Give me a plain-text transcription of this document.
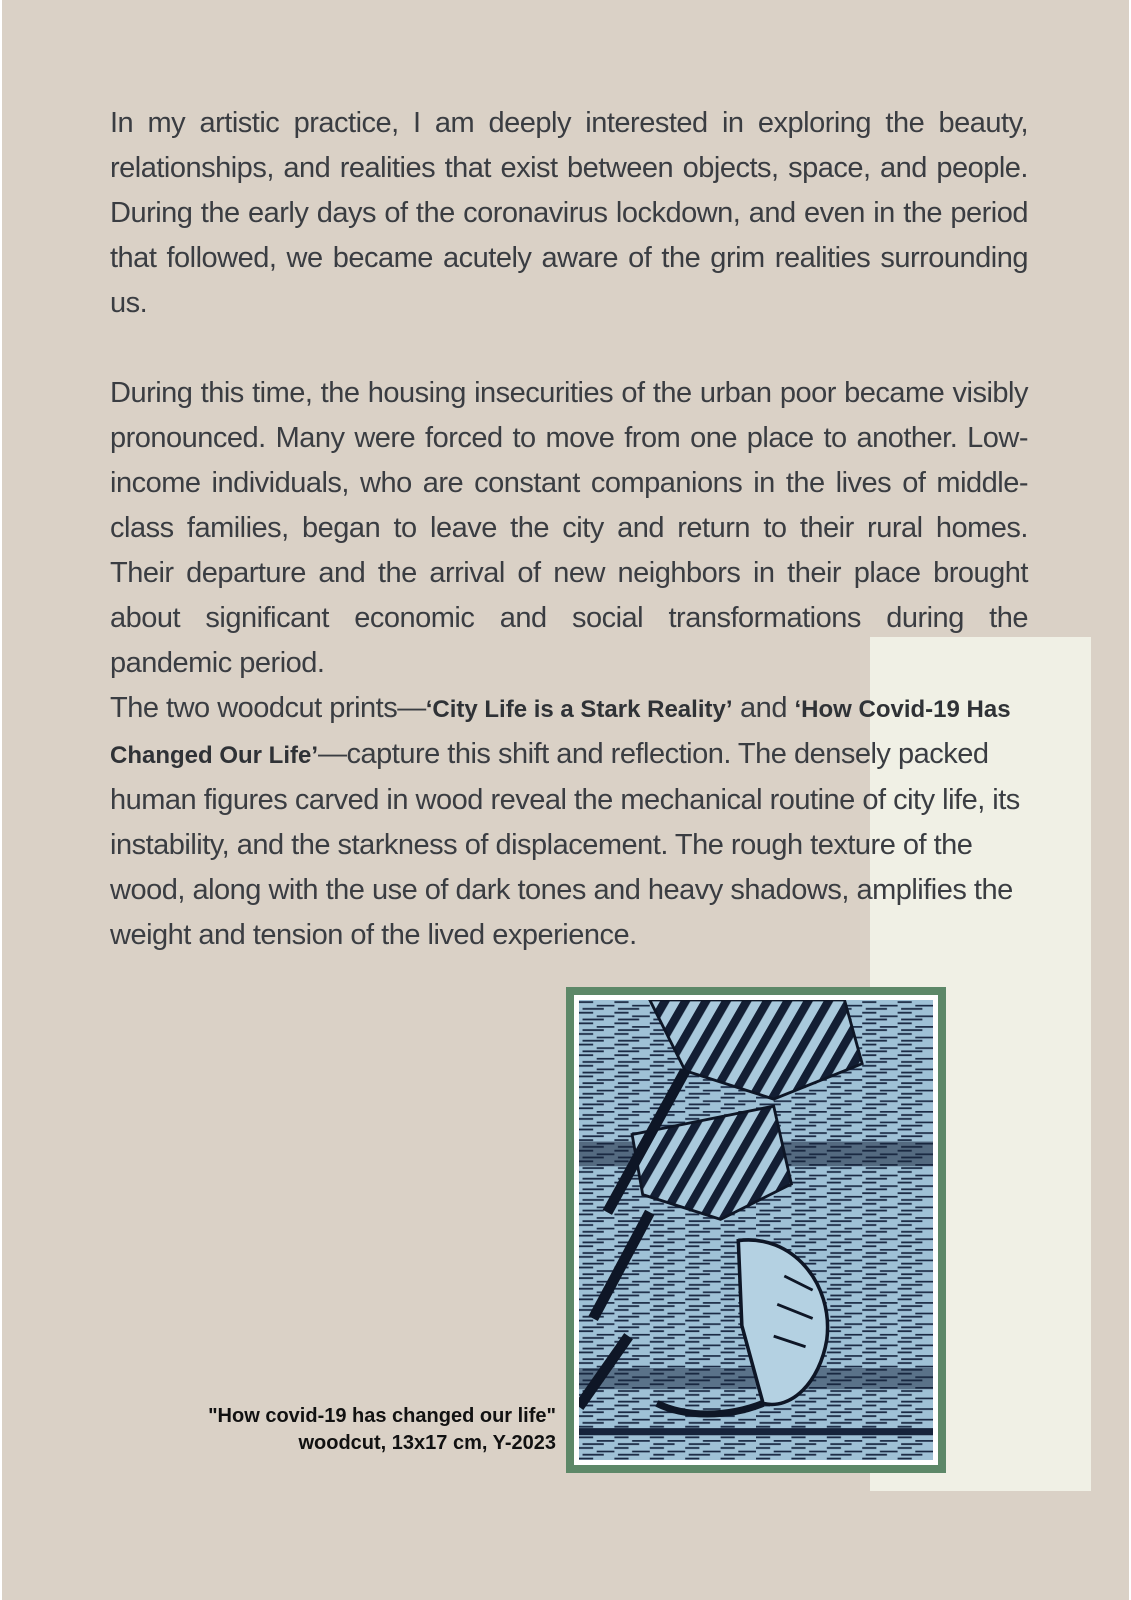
In my artistic practice, I am deeply interested in exploring the beauty, relationships, and realities that exist between objects, space, and people. During the early days of the coronavirus lockdown, and even in the period that followed, we became acutely aware of the grim realities surrounding us.

During this time, the housing insecurities of the urban poor became visibly pronounced. Many were forced to move from one place to another. Low-income individuals, who are constant companions in the lives of middle-class families, began to leave the city and return to their rural homes. Their departure and the arrival of new neighbors in their place brought about significant economic and social transformations during the pandemic period.

The two woodcut prints—‘City Life is a Stark Reality’ and ‘How Covid-19 Has Changed Our Life’—capture this shift and reflection. The densely packed human figures carved in wood reveal the mechanical routine of city life, its instability, and the starkness of displacement. The rough texture of the wood, along with the use of dark tones and heavy shadows, amplifies the weight and tension of the lived experience.

"How covid-19 has changed our life"
woodcut, 13x17 cm, Y-2023
